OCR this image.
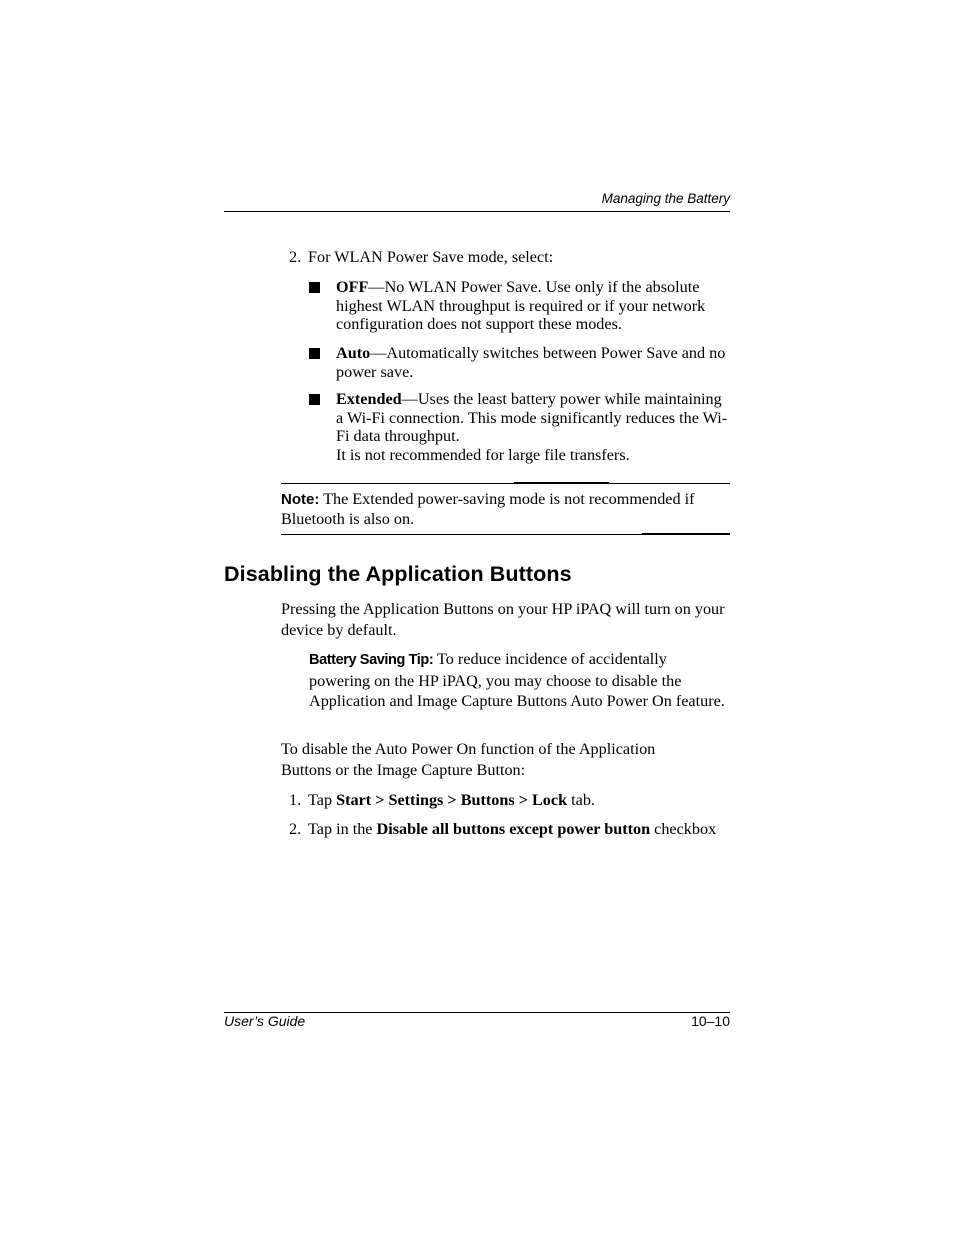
Managing the Battery
2. For WLAN Power Save mode, select:
OFF—No WLAN Power Save. Use only if the absolute highest WLAN throughput is required or if your network configuration does not support these modes.
Auto—Automatically switches between Power Save and no power save.
Extended—Uses the least battery power while maintaining a Wi-Fi connection. This mode significantly reduces the Wi-Fi data throughput.
It is not recommended for large file transfers.
Note: The Extended power-saving mode is not recommended if Bluetooth is also on.
Disabling the Application Buttons
Pressing the Application Buttons on your HP iPAQ will turn on your device by default.
Battery Saving Tip: To reduce incidence of accidentally powering on the HP iPAQ, you may choose to disable the Application and Image Capture Buttons Auto Power On feature.
To disable the Auto Power On function of the Application Buttons or the Image Capture Button:
1. Tap Start > Settings > Buttons > Lock tab.
2. Tap in the Disable all buttons except power button checkbox
User’s Guide	10–10
